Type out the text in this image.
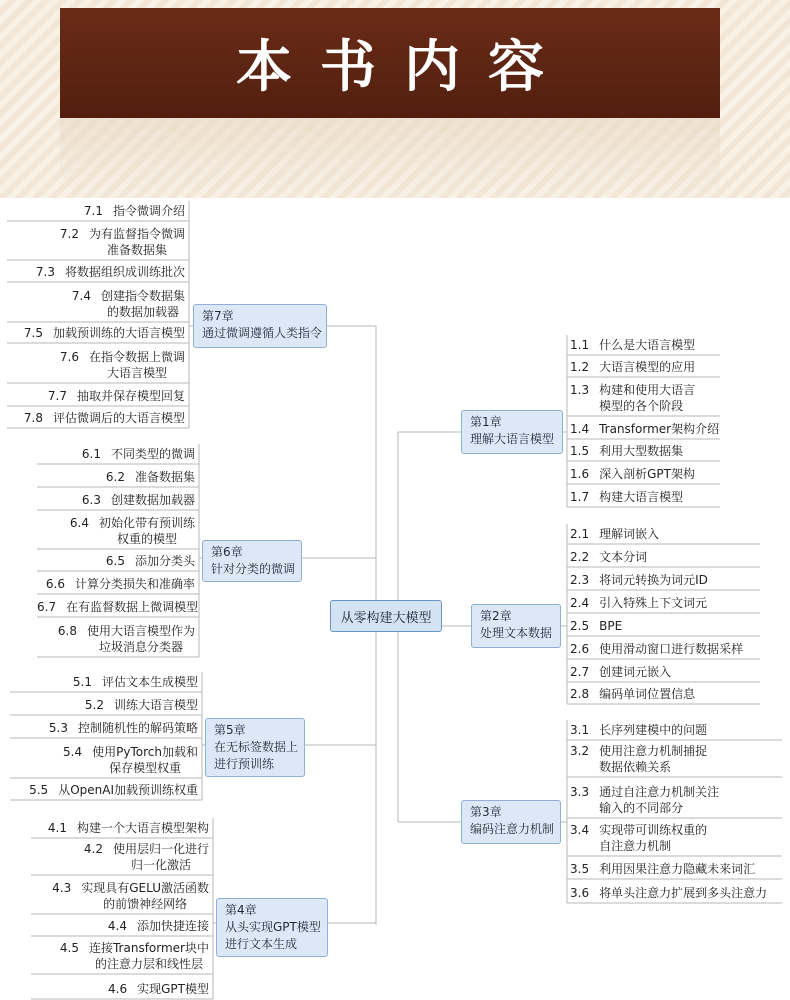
本书内容
从零构建大模型
第1章
理解大语言模型
1.1 什么是大语言模型
1.2 大语言模型的应用
1.3 构建和使用大语言
模型的各个阶段
1.4 Transformer架构介绍
1.5 利用大型数据集
1.6 深入剖析GPT架构
1.7 构建大语言模型
第2章
处理文本数据
2.1 理解词嵌入
2.2 文本分词
2.3 将词元转换为词元ID
2.4 引入特殊上下文词元
2.5 BPE
2.6 使用滑动窗口进行数据采样
2.7 创建词元嵌入
2.8 编码单词位置信息
第3章
编码注意力机制
3.1 长序列建模中的问题
3.2 使用注意力机制捕捉
数据依赖关系
3.3 通过自注意力机制关注
输入的不同部分
3.4 实现带可训练权重的
自注意力机制
3.5 利用因果注意力隐藏未来词汇
3.6 将单头注意力扩展到多头注意力
第4章
从头实现GPT模型
进行文本生成
4.1 构建一个大语言模型架构
4.2 使用层归一化进行
归一化激活
4.3 实现具有GELU激活函数
的前馈神经网络
4.4 添加快捷连接
4.5 连接Transformer块中
的注意力层和线性层
4.6 实现GPT模型
第5章
在无标签数据上
进行预训练
5.1 评估文本生成模型
5.2 训练大语言模型
5.3 控制随机性的解码策略
5.4 使用PyTorch加载和
保存模型权重
5.5 从OpenAI加载预训练权重
第6章
针对分类的微调
6.1 不同类型的微调
6.2 准备数据集
6.3 创建数据加载器
6.4 初始化带有预训练
权重的模型
6.5 添加分类头
6.6 计算分类损失和准确率
6.7 在有监督数据上微调模型
6.8 使用大语言模型作为
垃圾消息分类器
第7章
通过微调遵循人类指令
7.1 指令微调介绍
7.2 为有监督指令微调
准备数据集
7.3 将数据组织成训练批次
7.4 创建指令数据集
的数据加载器
7.5 加载预训练的大语言模型
7.6 在指令数据上微调
大语言模型
7.7 抽取并保存模型回复
7.8 评估微调后的大语言模型
